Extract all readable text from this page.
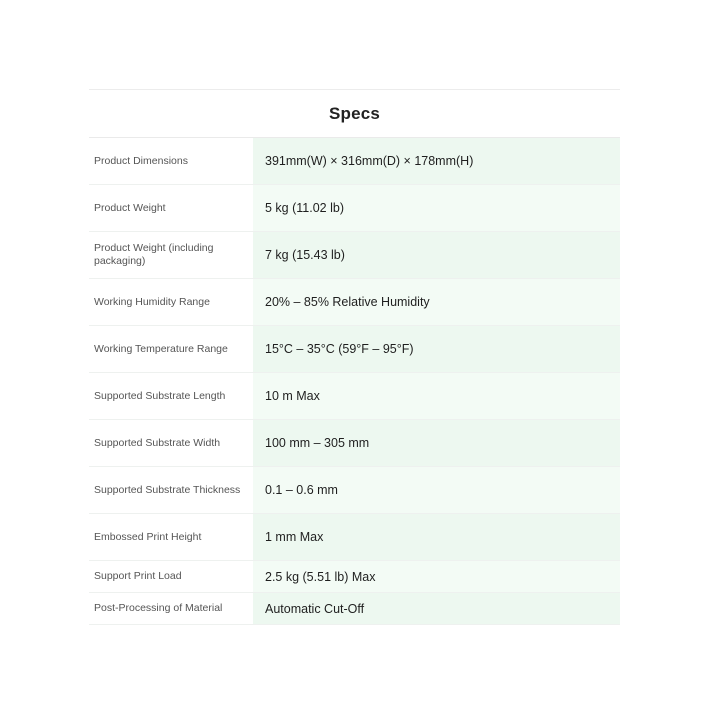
Specs
Product Dimensions	391mm(W) × 316mm(D) × 178mm(H)
Product Weight	5 kg (11.02 lb)
Product Weight (including packaging)	7 kg (15.43 lb)
Working Humidity Range	20% – 85% Relative Humidity
Working Temperature Range	15°C – 35°C (59°F – 95°F)
Supported Substrate Length	10 m Max
Supported Substrate Width	100 mm – 305 mm
Supported Substrate Thickness	0.1 – 0.6 mm
Embossed Print Height	1 mm Max
Support Print Load	2.5 kg (5.51 lb) Max
Post-Processing of Material	Automatic Cut-Off
